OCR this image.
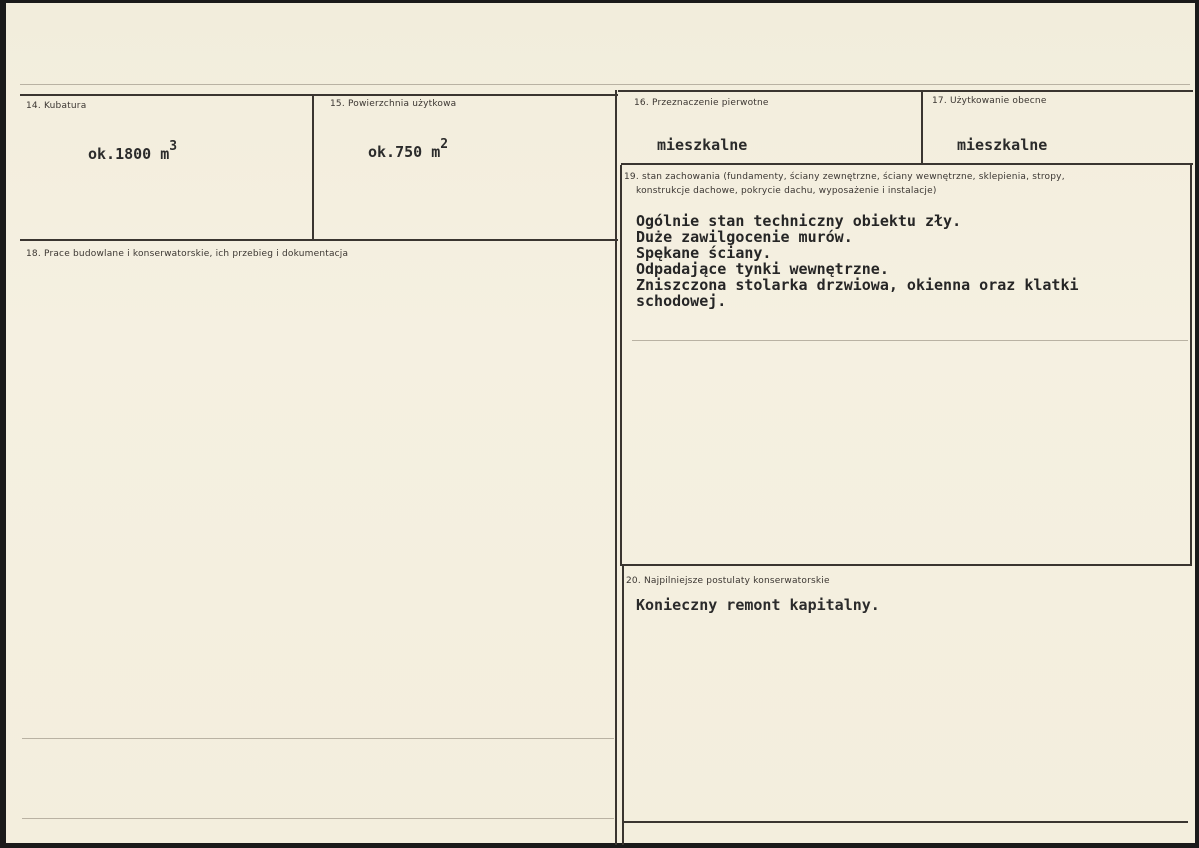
14. Kubatura
ok.1800 $m^3$
15. Powierzchnia użytkowa
ok.750 $m^2$
16. Przeznaczenie pierwotne
mieszkalne
17. Użytkowanie obecne
mieszkalne
18. Prace budowlane i konserwatorskie, ich przebieg i dokumentacja
19. stan zachowania (fundamenty, ściany zewnętrzne, ściany wewnętrzne, sklepienia, stropy,
konstrukcje dachowe, pokrycie dachu, wyposażenie i instalacje)
Ogólnie stan techniczny obiektu zły.
Duże zawilgocenie murów.
Spękane ściany.
Odpadające tynki wewnętrzne.
Zniszczona stolarka drzwiowa, okienna oraz klatki
schodowej.
20. Najpilniejsze postulaty konserwatorskie
Konieczny remont kapitalny.
